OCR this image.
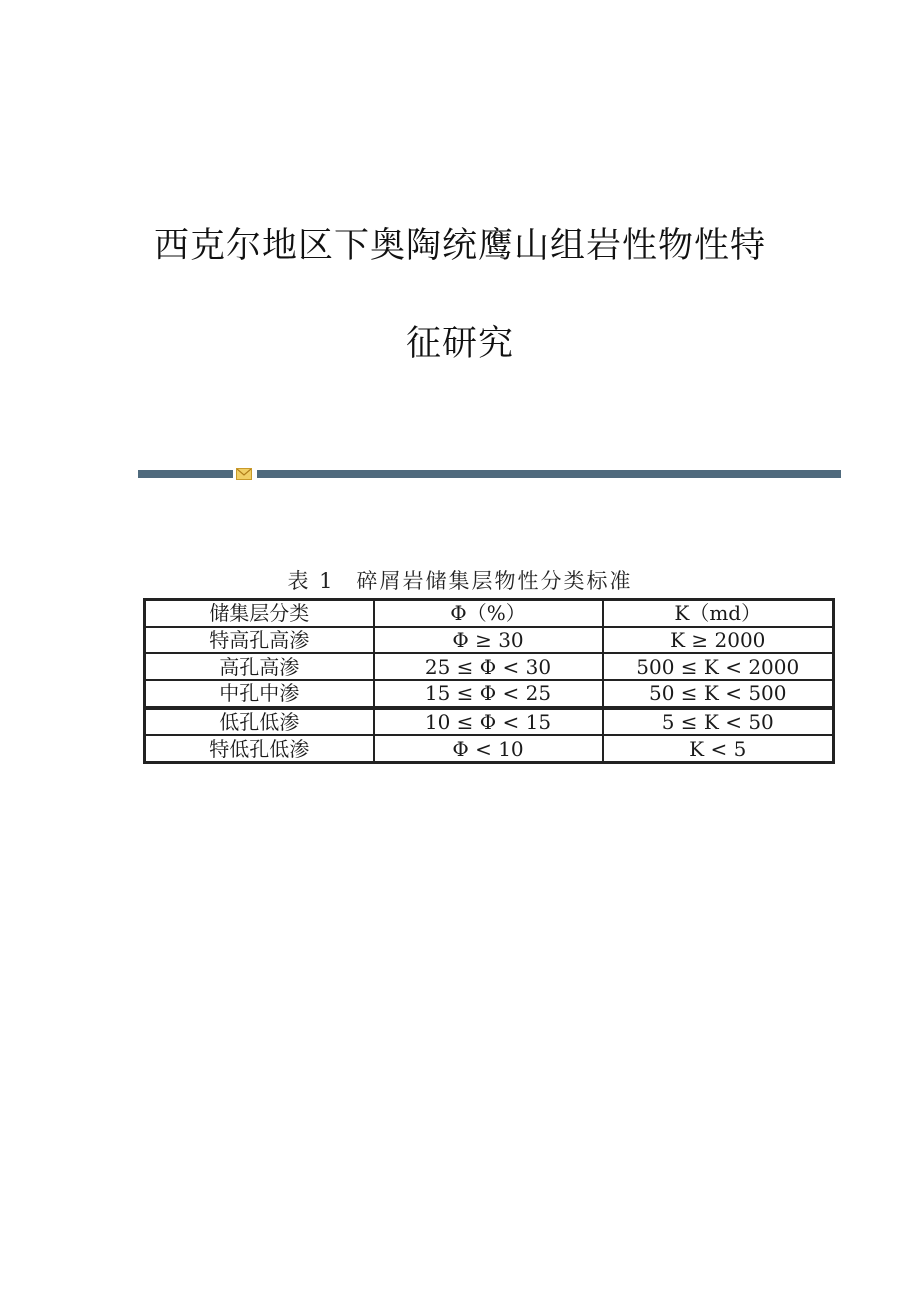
西克尔地区下奥陶统鹰山组岩性物性特
征研究
表 1 碎屑岩储集层物性分类标准
储集层分类	Φ（%）	K（md）
特高孔高渗	Φ ≥ 30	K ≥ 2000
高孔高渗	25 ≤ Φ < 30	500 ≤ K < 2000
中孔中渗	15 ≤ Φ < 25	50 ≤ K < 500
低孔低渗	10 ≤ Φ < 15	5 ≤ K < 50
特低孔低渗	Φ < 10	K < 5
